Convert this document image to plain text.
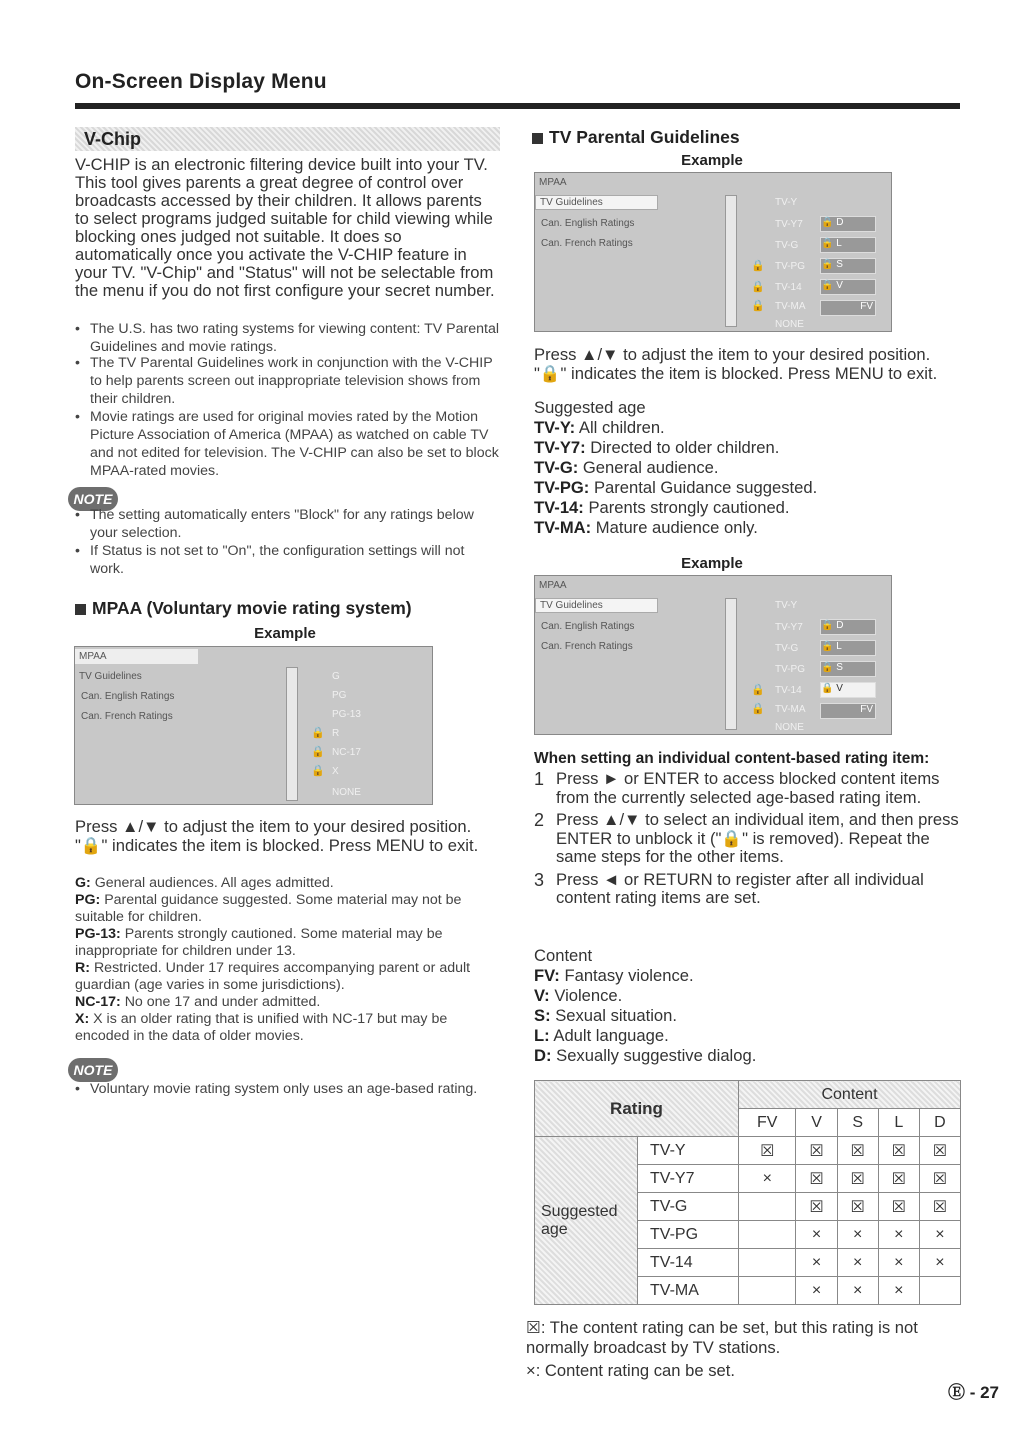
On-Screen Display Menu
V-Chip
V-CHIP is an electronic filtering device built into your TV. This tool gives parents a great degree of control over broadcasts accessed by their children. It allows parents to select programs judged suitable for child viewing while blocking ones judged not suitable. It does so automatically once you activate the V-CHIP feature in your TV. "V-Chip" and "Status" will not be selectable from the menu if you do not first configure your secret number.
• The U.S. has two rating systems for viewing content: TV Parental Guidelines and movie ratings.
• The TV Parental Guidelines work in conjunction with the V-CHIP to help parents screen out inappropriate television shows from their children.
• Movie ratings are used for original movies rated by the Motion Picture Association of America (MPAA) as watched on cable TV and not edited for television. The V-CHIP can also be set to block MPAA-rated movies.
NOTE
• The setting automatically enters "Block" for any ratings below your selection.
• If Status is not set to "On", the configuration settings will not work.
MPAA (Voluntary movie rating system)
Example
MPAA
TV Guidelines
Can. English Ratings
Can. French Ratings
G
PG
PG-13
🔒 R
🔒 NC-17
🔒 X
NONE
Press ▲/▼ to adjust the item to your desired position. "🔒" indicates the item is blocked. Press MENU to exit.
G: General audiences. All ages admitted.
PG: Parental guidance suggested. Some material may not be suitable for children.
PG-13: Parents strongly cautioned. Some material may be inappropriate for children under 13.
R: Restricted. Under 17 requires accompanying parent or adult guardian (age varies in some jurisdictions).
NC-17: No one 17 and under admitted.
X: X is an older rating that is unified with NC-17 but may be encoded in the data of older movies.
NOTE
• Voluntary movie rating system only uses an age-based rating.
TV Parental Guidelines
Example
MPAA
TV Guidelines
Can. English Ratings
Can. French Ratings
TV-Y
TV-Y7
TV-G
🔒 TV-PG
🔒 TV-14
🔒 TV-MA
NONE
🔒 D
🔒 L
🔒 S
🔒 V
FV
Press ▲/▼ to adjust the item to your desired position. "🔒" indicates the item is blocked. Press MENU to exit.
Suggested age
TV-Y: All children.
TV-Y7: Directed to older children.
TV-G: General audience.
TV-PG: Parental Guidance suggested.
TV-14: Parents strongly cautioned.
TV-MA: Mature audience only.
Example
MPAA
TV Guidelines
Can. English Ratings
Can. French Ratings
TV-Y
TV-Y7
TV-G
TV-PG
🔒 TV-14
🔒 TV-MA
NONE
🔒 D
🔒 L
🔒 S
🔒 V
FV
When setting an individual content-based rating item:
1 Press ► or ENTER to access blocked content items from the currently selected age-based rating item.
2 Press ▲/▼ to select an individual item, and then press ENTER to unblock it ("🔒" is removed). Repeat the same steps for the other items.
3 Press ◄ or RETURN to register after all individual content rating items are set.
Content
FV: Fantasy violence.
V: Violence.
S: Sexual situation.
L: Adult language.
D: Sexually suggestive dialog.
Rating		Content				
		FV	V	S	L	D
Suggested age	TV-Y	☒	☒	☒	☒	☒
	TV-Y7	×	☒	☒	☒	☒
	TV-G		☒	☒	☒	☒
	TV-PG		×	×	×	×
	TV-14		×	×	×	×
	TV-MA		×	×	×	
☒: The content rating can be set, but this rating is not normally broadcast by TV stations.
×: Content rating can be set.
Ⓔ - 27
